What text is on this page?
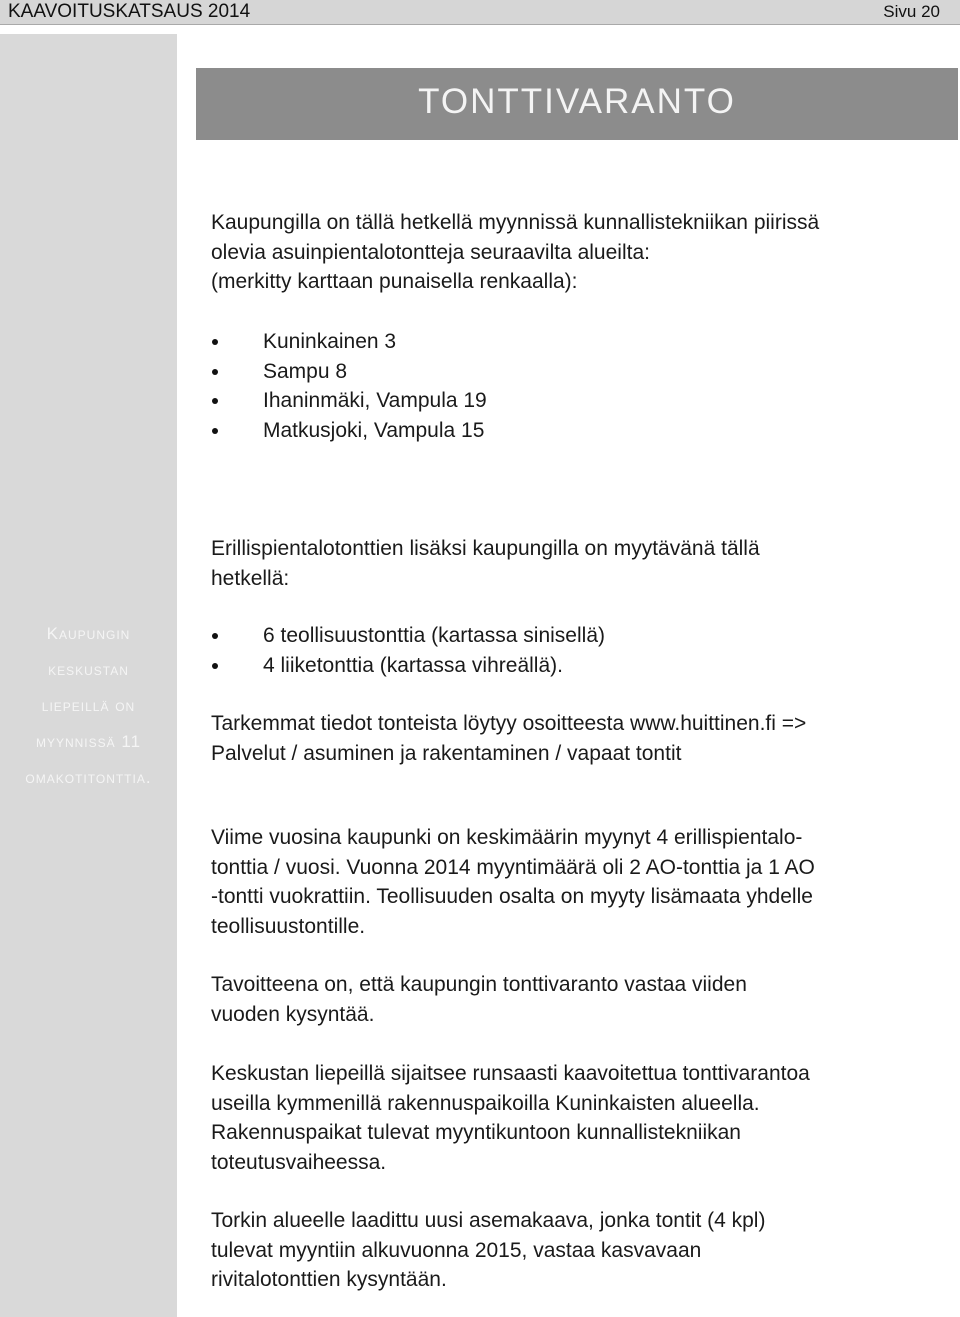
KAAVOITUSKATSAUS 2014	Sivu 20
Kaupungin
keskustan
liepeillä on
myynnissä 11
omakotitonttia.
TONTTIVARANTO

Kaupungilla on tällä hetkellä myynnissä kunnallistekniikan piirissä

olevia asuinpientalotontteja seuraavilta alueilta:

(merkitty karttaan punaisella renkaalla):

Kuninkainen 3
Sampu 8
Ihaninmäki, Vampula 19
Matkusjoki, Vampula 15

Erillispientalotonttien lisäksi kaupungilla on myytävänä tällä

hetkellä:

6 teollisuustonttia (kartassa sinisellä)
4 liiketonttia (kartassa vihreällä).

Tarkemmat tiedot tonteista löytyy osoitteesta www.huittinen.fi =>

Palvelut / asuminen ja rakentaminen / vapaat tontit

Viime vuosina kaupunki on keskimäärin myynyt 4 erillispientalo-

tonttia / vuosi. Vuonna 2014 myyntimäärä oli 2 AO-tonttia ja 1 AO

-tontti vuokrattiin. Teollisuuden osalta on myyty lisämaata yhdelle

teollisuustontille.

Tavoitteena on, että kaupungin tonttivaranto vastaa viiden

vuoden kysyntää.

Keskustan liepeillä sijaitsee runsaasti kaavoitettua tonttivarantoa

useilla kymmenillä rakennuspaikoilla Kuninkaisten alueella.

Rakennuspaikat tulevat myyntikuntoon kunnallistekniikan

toteutusvaiheessa.

Torkin alueelle laadittu uusi asemakaava, jonka tontit (4 kpl)

tulevat myyntiin alkuvuonna 2015, vastaa kasvavaan

rivitalotonttien kysyntään.
